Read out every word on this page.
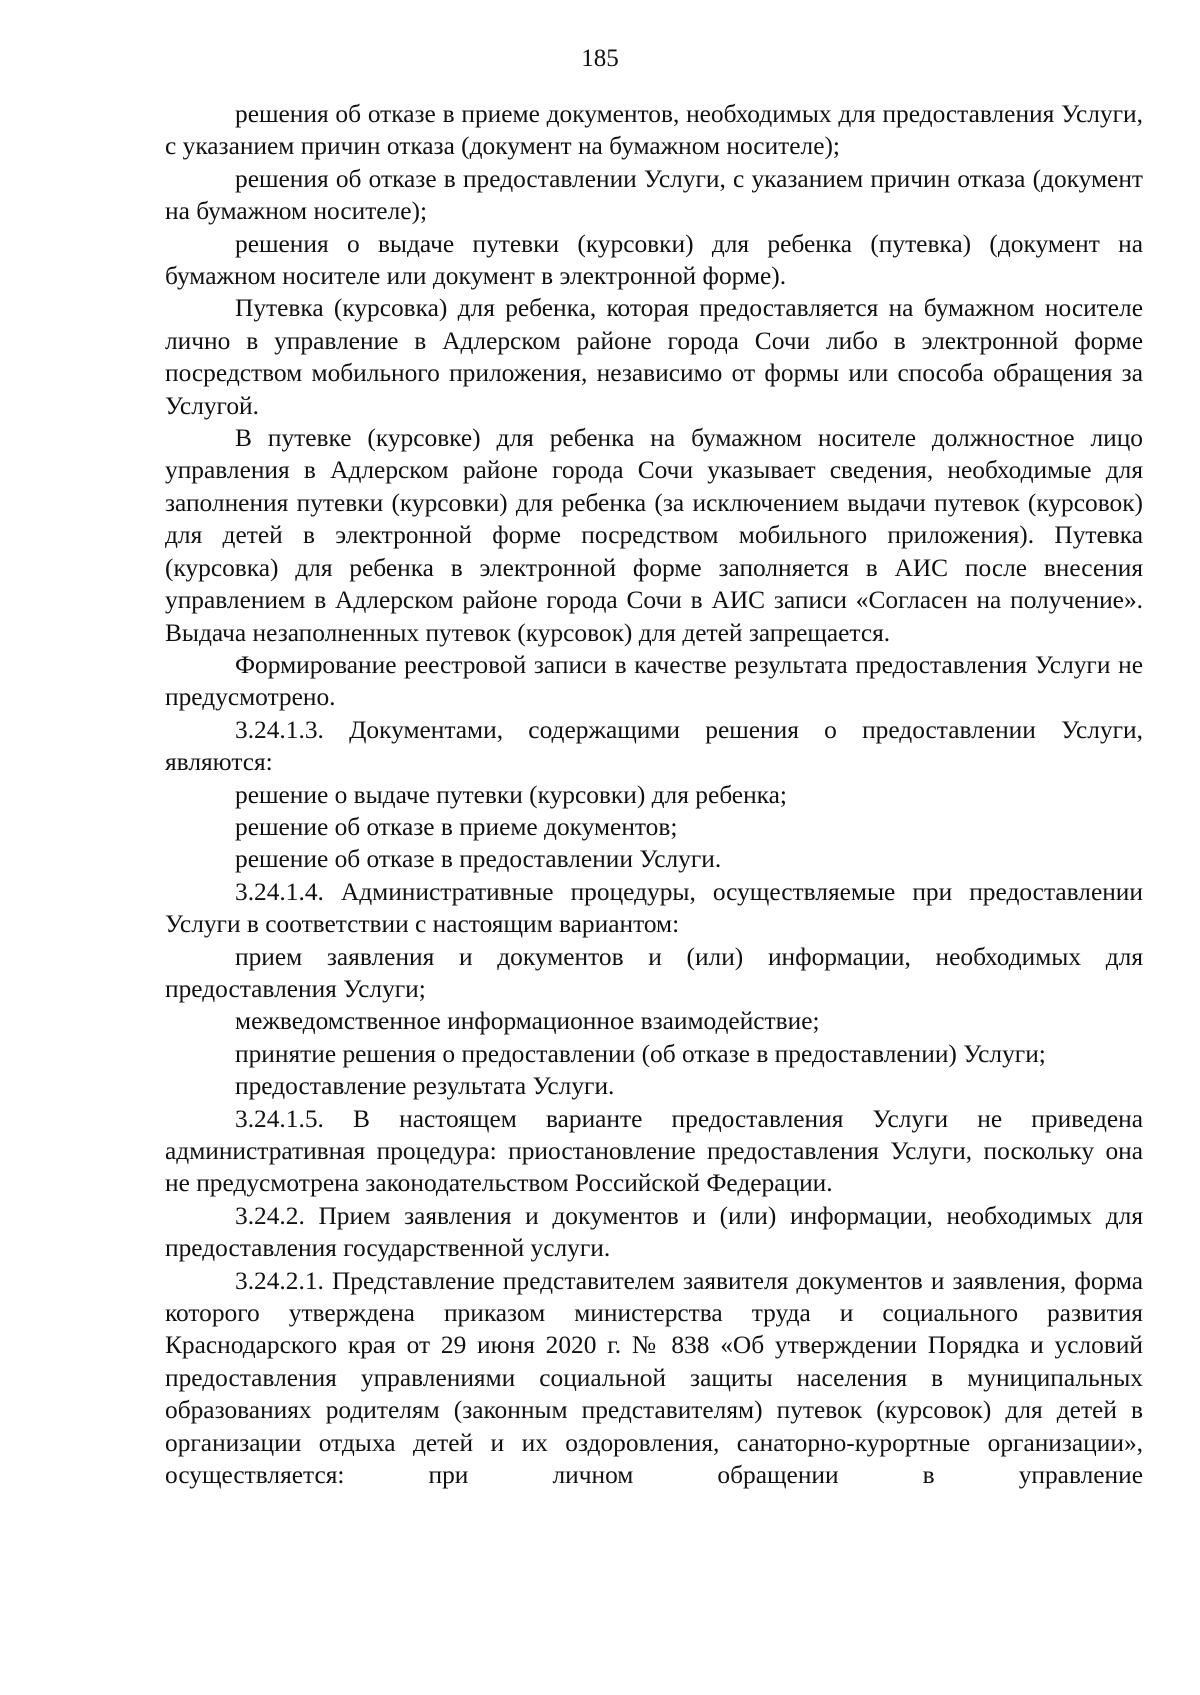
185

решения об отказе в приеме документов, необходимых для предоставления Услуги, с указанием причин отказа (документ на бумажном носителе);

решения об отказе в предоставлении Услуги, с указанием причин отказа (документ на бумажном носителе);

решения о выдаче путевки (курсовки) для ребенка (путевка) (документ на бумажном носителе или документ в электронной форме).

Путевка (курсовка) для ребенка, которая предоставляется на бумажном носителе лично в управление в Адлерском районе города Сочи либо в электронной форме посредством мобильного приложения, независимо от формы или способа обращения за Услугой.

В путевке (курсовке) для ребенка на бумажном носителе должностное лицо управления в Адлерском районе города Сочи указывает сведения, необходимые для заполнения путевки (курсовки) для ребенка (за исключением выдачи путевок (курсовок) для детей в электронной форме посредством мобильного приложения). Путевка (курсовка) для ребенка в электронной форме заполняется в АИС после внесения управлением в Адлерском районе города Сочи в АИС записи «Согласен на получение». Выдача незаполненных путевок (курсовок) для детей запрещается.

Формирование реестровой записи в качестве результата предоставления Услуги не предусмотрено.

3.24.1.3. Документами, содержащими решения о предоставлении Услуги, являются:

решение о выдаче путевки (курсовки) для ребенка;

решение об отказе в приеме документов;

решение об отказе в предоставлении Услуги.

3.24.1.4. Административные процедуры, осуществляемые при предоставлении Услуги в соответствии с настоящим вариантом:

прием заявления и документов и (или) информации, необходимых для предоставления Услуги;

межведомственное информационное взаимодействие;

принятие решения о предоставлении (об отказе в предоставлении) Услуги;

предоставление результата Услуги.

3.24.1.5. В настоящем варианте предоставления Услуги не приведена административная процедура: приостановление предоставления Услуги, поскольку она не предусмотрена законодательством Российской Федерации.

3.24.2. Прием заявления и документов и (или) информации, необходимых для предоставления государственной услуги.

3.24.2.1. Представление представителем заявителя документов и заявления, форма которого утверждена приказом министерства труда и социального развития Краснодарского края от 29 июня 2020 г. № 838 «Об утверждении Порядка и условий предоставления управлениями социальной защиты населения в муниципальных образованиях родителям (законным представителям) путевок (курсовок) для детей в организации отдыха детей и их оздоровления, санаторно-курортные организации», осуществляется: при личном обращении в управление
